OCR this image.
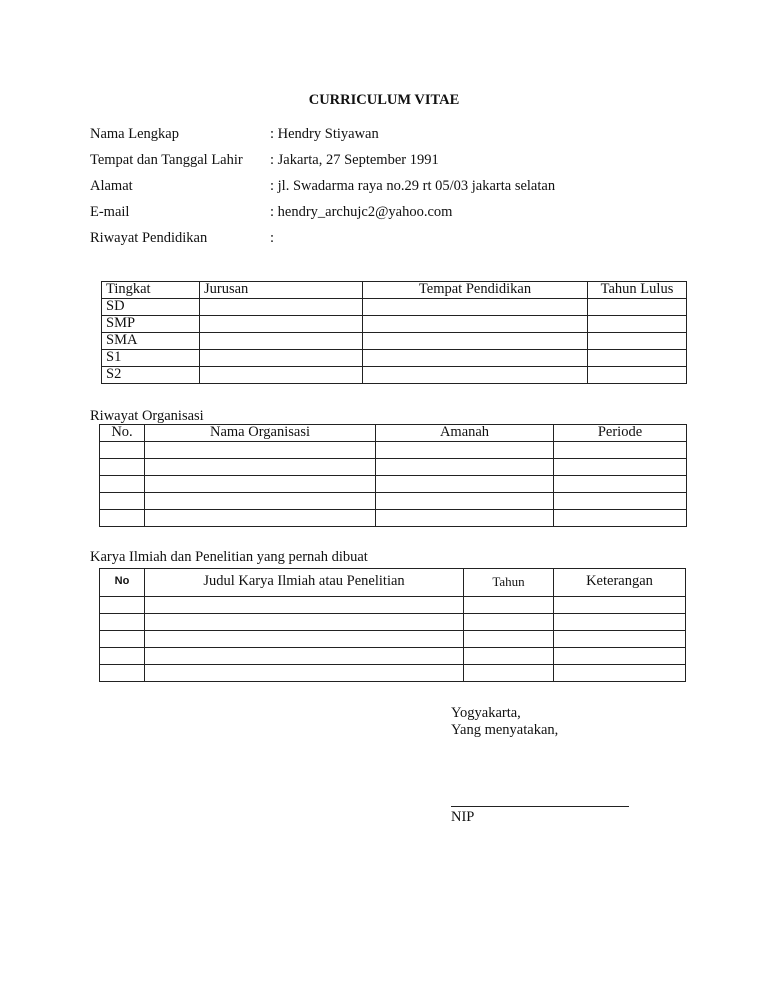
CURRICULUM VITAE
Nama Lengkap	: Hendry Stiyawan
Tempat dan Tanggal Lahir : Jakarta, 27 September 1991
Alamat	: jl. Swadarma raya no.29 rt 05/03 jakarta selatan
E-mail	: hendry_archujc2@yahoo.com
Riwayat Pendidikan	:
Tingkat	Jurusan	Tempat Pendidikan	Tahun Lulus
SD			
SMP			
SMA			
S1			
S2			
Riwayat Organisasi
No.	Nama Organisasi	Amanah	Periode

Karya Ilmiah dan Penelitian yang pernah dibuat
No	Judul Karya Ilmiah atau Penelitian	Tahun	Keterangan

Yogyakarta,
Yang menyatakan,
NIP
